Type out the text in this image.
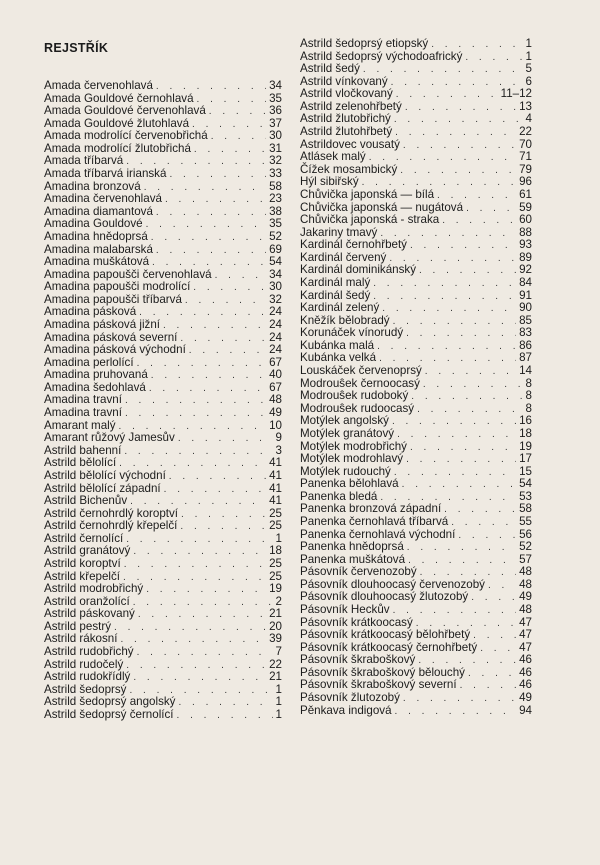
REJSTŘÍK
Amada červenohlavá . . .	34
Amada Gouldové černohlavá . . .	35
Amada Gouldové červenohlavá . . .	36
Amada Gouldové žlutohlavá . . .	37
Amada modrolící červenobřichá . . .	30
Amada modrolící žlutobřichá . . .	31
Amada tříbarvá . . .	32
Amada tříbarvá irianská . . .	33
Amadina bronzová . . .	58
Amadina červenohlavá . . .	23
Amadina diamantová . . .	38
Amadina Gouldové . . .	35
Amadina hnědoprsá . . .	52
Amadina malabarská . . .	69
Amadina muškátová . . .	54
Amadina papoušči červenohlavá . . .	34
Amadina papoušči modrolící . . .	30
Amadina papoušči tříbarvá . . .	32
Amadina pásková . . .	24
Amadina pásková jižní . . .	24
Amadina pásková severní . . .	24
Amadina pásková východní . . .	24
Amadina perlolící . . .	67
Amadina pruhovaná . . .	40
Amadina šedohlavá . . .	67
Amadina travní . . .	48
Amadina travní . . .	49
Amarant malý . . .	10
Amarant růžový Jamesův . . .	9
Astrild bahenní . . .	3
Astrild bělolící . . .	41
Astrild bělolící východní . . .	41
Astrild bělolící západní . . .	41
Astrild Bichenův . . .	41
Astrild černohrdlý koroptví . . .	25
Astrild černohrdlý křepelčí . . .	25
Astrild černolící . . .	1
Astrild granátový . . .	18
Astrild koroptví . . .	25
Astrild křepelčí . . .	25
Astrild modrobřichý . . .	19
Astrild oranžolící . . .	2
Astrild páskovaný . . .	21
Astrild pestrý . . .	20
Astrild rákosní . . .	39
Astrild rudobřichý . . .	7
Astrild rudočelý . . .	22
Astrild rudokřídlý . . .	21
Astrild šedoprsý . . .	1
Astrild šedoprsý angolský . . .	1
Astrild šedoprsý černolící . . .	1
Astrild šedoprsý etiopský . . .	1
Astrild šedoprsý východoafrický . . .	1
Astrild šedý . . .	5
Astrild vínkovaný . . .	6
Astrild vločkovaný . . .	11–12
Astrild zelenohřbetý . . .	13
Astrild žlutobřichý . . .	4
Astrild žlutohřbetý . . .	22
Astrildovec vousatý . . .	70
Atlásek malý . . .	71
Čížek mosambický . . .	79
Hýl sibiřský . . .	96
Chůvička japonská — bílá . . .	61
Chůvička japonská — nugátová . . .	59
Chůvička japonská - straka . . .	60
Jakariny tmavý . . .	88
Kardinál černohřbetý . . .	93
Kardinál červený . . .	89
Kardinál dominikánský . . .	92
Kardinál malý . . .	84
Kardinál šedý . . .	91
Kardinál zelený . . .	90
Kněžík bělobradý . . .	85
Korunáček vínorudý . . .	83
Kubánka malá . . .	86
Kubánka velká . . .	87
Louskáček červenoprsý . . .	14
Modrouŝek černoocasý . . .	8
Modrouŝek rudoboký . . .	8
Modrouŝek rudoocasý . . .	8
Motýlek angolský . . .	16
Motýlek granátový . . .	18
Motýlek modrobřichý . . .	19
Motýlek modrohlavý . . .	17
Motýlek rudouchý . . .	15
Panenka bělohlavá . . .	54
Panenka bledá . . .	53
Panenka bronzová západní . . .	58
Panenka černohlavá tříbarvá . . .	55
Panenka černohlavá východní . . .	56
Panenka hnědoprsá . . .	52
Panenka muškátová . . .	57
Pásovník červenozobý . . .	48
Pásovník dlouhoocasý červenozobý . . .	48
Pásovník dlouhoocasý žlutozobý . . .	49
Pásovník Heckův . . .	48
Pásovník krátkoocasý . . .	47
Pásovník krátkoocasý bělohřbetý . . .	47
Pásovník krátkoocasý černohřbetý . . .	47
Pásovník škraboškový . . .	46
Pásovník škraboškový bělouchý . . .	46
Pásovník škraboškový severní . . .	46
Pásovník žlutozobý . . .	49
Pěnkava indigová . . .	94
